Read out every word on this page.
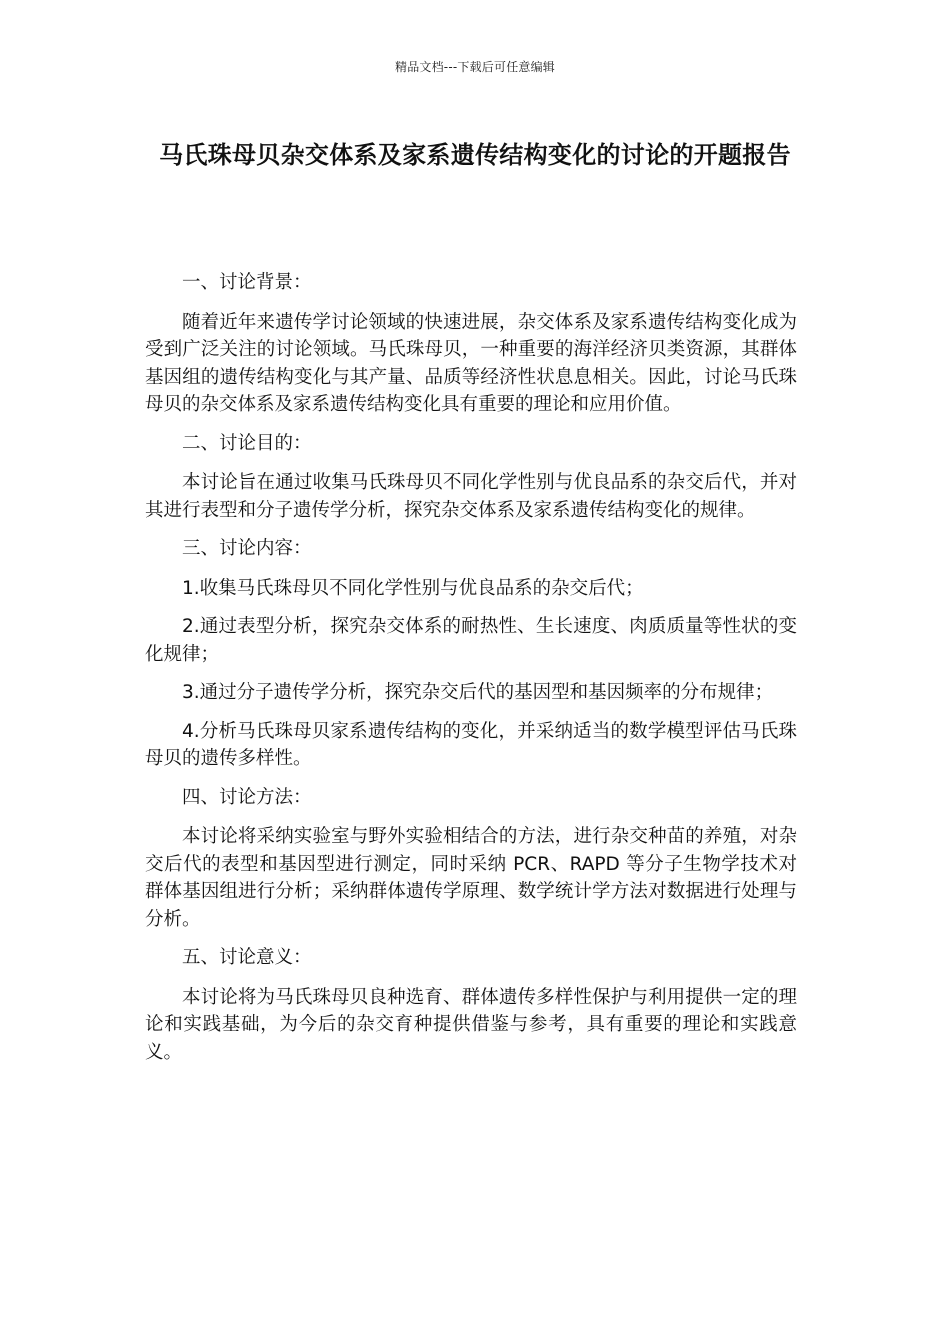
精品文档---下载后可任意编辑
马氏珠母贝杂交体系及家系遗传结构变化的讨论的开题报告

一、讨论背景：

随着近年来遗传学讨论领域的快速进展，杂交体系及家系遗传结构变化成为受到广泛关注的讨论领域。马氏珠母贝，一种重要的海洋经济贝类资源，其群体基因组的遗传结构变化与其产量、品质等经济性状息息相关。因此，讨论马氏珠母贝的杂交体系及家系遗传结构变化具有重要的理论和应用价值。

二、讨论目的：

本讨论旨在通过收集马氏珠母贝不同化学性别与优良品系的杂交后代，并对其进行表型和分子遗传学分析，探究杂交体系及家系遗传结构变化的规律。

三、讨论内容：

1.收集马氏珠母贝不同化学性别与优良品系的杂交后代；

2.通过表型分析，探究杂交体系的耐热性、生长速度、肉质质量等性状的变化规律；

3.通过分子遗传学分析，探究杂交后代的基因型和基因频率的分布规律；

4.分析马氏珠母贝家系遗传结构的变化，并采纳适当的数学模型评估马氏珠母贝的遗传多样性。

四、讨论方法：

本讨论将采纳实验室与野外实验相结合的方法，进行杂交种苗的养殖，对杂交后代的表型和基因型进行测定，同时采纳 PCR、RAPD 等分子生物学技术对群体基因组进行分析；采纳群体遗传学原理、数学统计学方法对数据进行处理与分析。

五、讨论意义：

本讨论将为马氏珠母贝良种选育、群体遗传多样性保护与利用提供一定的理论和实践基础，为今后的杂交育种提供借鉴与参考，具有重要的理论和实践意义。
